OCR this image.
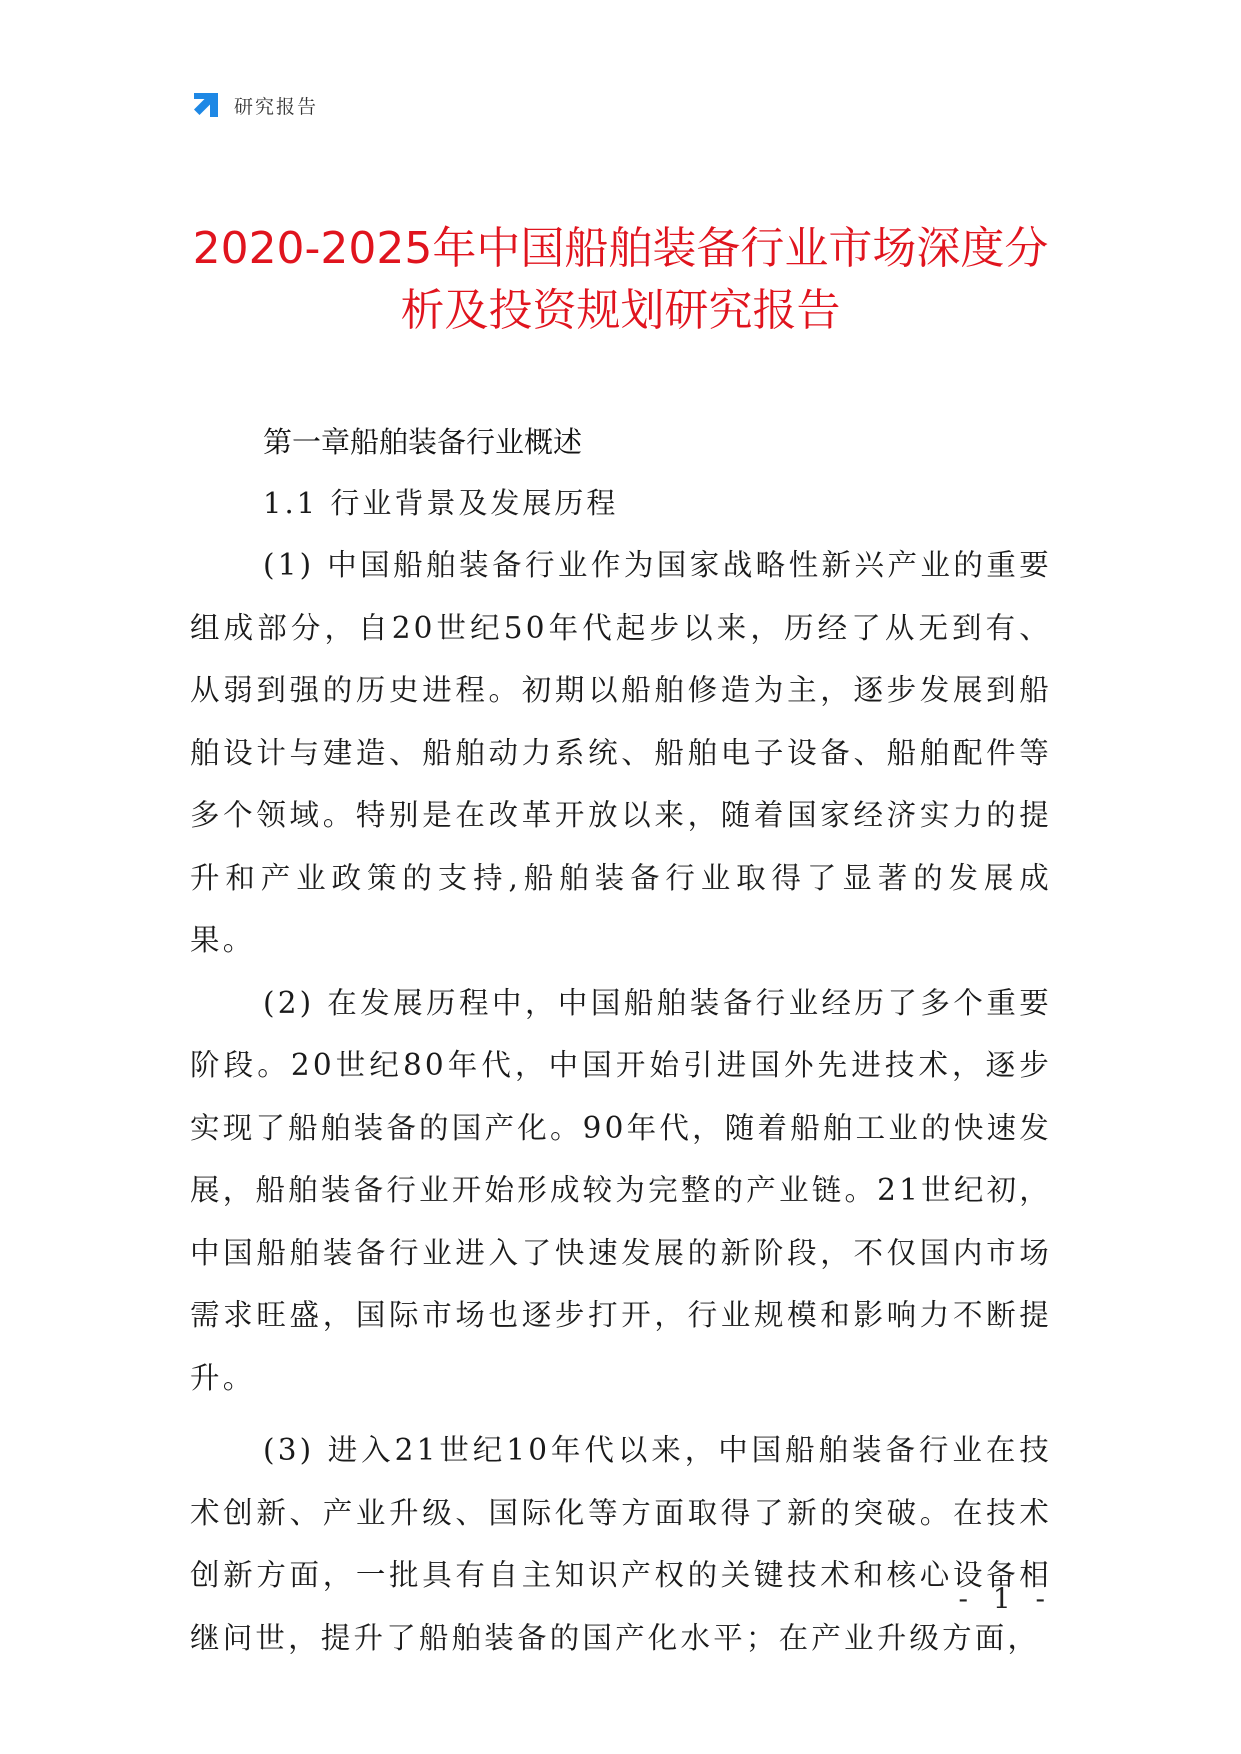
研究报告
2020-2025年中国船舶装备行业市场深度分
析及投资规划研究报告

第一章船舶装备行业概述

1.1 行业背景及发展历程

(1) 中国船舶装备行业作为国家战略性新兴产业的重要组成部分，自20世纪50年代起步以来，历经了从无到有、从弱到强的历史进程。初期以船舶修造为主，逐步发展到船舶设计与建造、船舶动力系统、船舶电子设备、船舶配件等多个领域。特别是在改革开放以来，随着国家经济实力的提升和产业政策的支持,船舶装备行业取得了显著的发展成果。

(2) 在发展历程中，中国船舶装备行业经历了多个重要阶段。20世纪80年代，中国开始引进国外先进技术，逐步实现了船舶装备的国产化。90年代，随着船舶工业的快速发展，船舶装备行业开始形成较为完整的产业链。21世纪初，中国船舶装备行业进入了快速发展的新阶段，不仅国内市场需求旺盛，国际市场也逐步打开，行业规模和影响力不断提升。

(3) 进入21世纪10年代以来，中国船舶装备行业在技术创新、产业升级、国际化等方面取得了新的突破。在技术创新方面，一批具有自主知识产权的关键技术和核心设备相继问世，提升了船舶装备的国产化水平；在产业升级方面，

- 1 -
